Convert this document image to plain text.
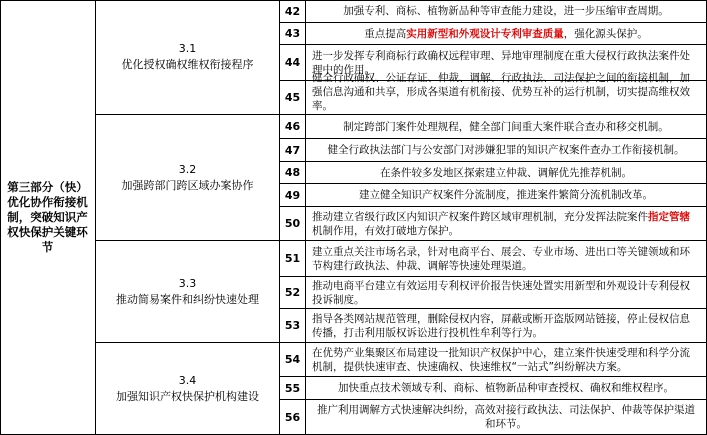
第三部分（快）优化协作衔接机制，突破知识产权快保护关键环节
3.1
优化授权确权维权衔接程序
3.2
加强跨部门跨区域办案协作
3.3
推动简易案件和纠纷快速处理
3.4
加强知识产权快保护机构建设
42
43
44
45
46
47
48
49
50
51
52
53
54
55
56
加强专利、商标、植物新品种等审查能力建设，进一步压缩审查周期。
重点提高实用新型和外观设计专利审查质量，强化源头保护。
进一步发挥专利商标行政确权远程审理、异地审理制度在重大侵权行政执法案件处理中的作用。
健全行政确权、公证存证、仲裁、调解、行政执法、司法保护之间的衔接机制，加强信息沟通和共享，形成各渠道有机衔接、优势互补的运行机制，切实提高维权效率。
制定跨部门案件处理规程，健全部门间重大案件联合查办和移交机制。
健全行政执法部门与公安部门对涉嫌犯罪的知识产权案件查办工作衔接机制。
在条件较多发地区探索建立仲裁、调解优先推荐机制。
建立健全知识产权案件分流制度，推进案件繁简分流机制改革。
推动建立省级行政区内知识产权案件跨区域审理机制，充分发挥法院案件指定管辖机制作用，有效打破地方保护。
建立重点关注市场名录，针对电商平台、展会、专业市场、进出口等关键领域和环节构建行政执法、仲裁、调解等快速处理渠道。
推动电商平台建立有效运用专利权评价报告快速处置实用新型和外观设计专利侵权投诉制度。
指导各类网站规范管理，删除侵权内容，屏蔽或断开盗版网站链接，停止侵权信息传播，打击利用版权诉讼进行投机性牟利等行为。
在优势产业集聚区布局建设一批知识产权保护中心，建立案件快速受理和科学分流机制，提供快速审查、快速确权、快速维权“一站式”纠纷解决方案。
加快重点技术领域专利、商标、植物新品种审查授权、确权和维权程序。
推广利用调解方式快速解决纠纷，高效对接行政执法、司法保护、仲裁等保护渠道和环节。
